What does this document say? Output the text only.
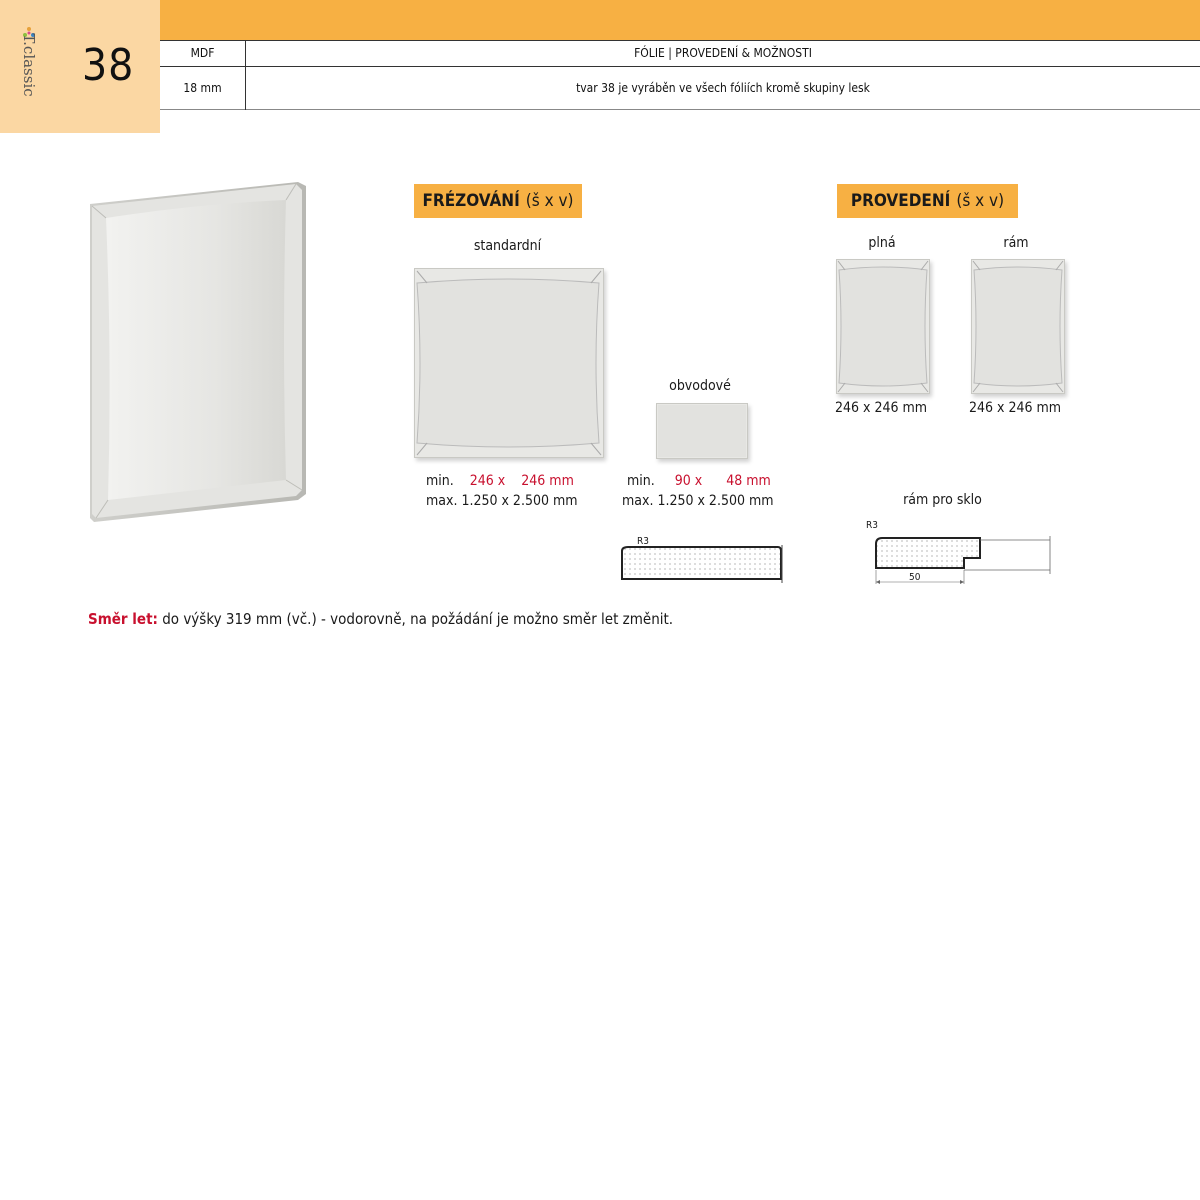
T.classic 38	MDF	FÓLIE | PROVEDENÍ & MOŽNOSTI
18 mm	tvar 38 je vyráběn ve všech fóliích kromě skupiny lesk
FRÉZOVÁNÍ (š x v)
standardní
min. 246 x 246 mm
max. 1.250 x 2.500 mm
obvodové
min. 90 x 48 mm
max. 1.250 x 2.500 mm
R3
PROVEDENÍ (š x v)
plná	rám
246 x 246 mm	246 x 246 mm
rám pro sklo
R3
50
Směr let: do výšky 319 mm (vč.) - vodorovně, na požádání je možno směr let změnit.
